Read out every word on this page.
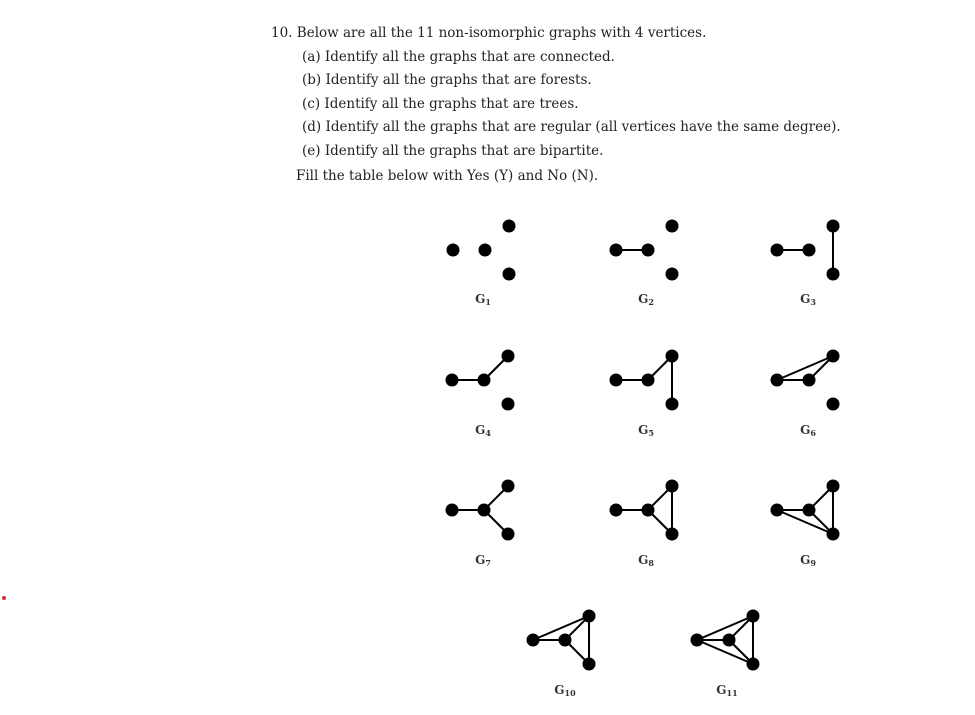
10. Below are all the 11 non-isomorphic graphs with 4 vertices.
(a) Identify all the graphs that are connected.
(b) Identify all the graphs that are forests.
(c) Identify all the graphs that are trees.
(d) Identify all the graphs that are regular (all vertices have the same degree).
(e) Identify all the graphs that are bipartite.
Fill the table below with Yes (Y) and No (N).
G1	G2	G3
G4	G5	G6
G7	G8	G9
G10	G11
